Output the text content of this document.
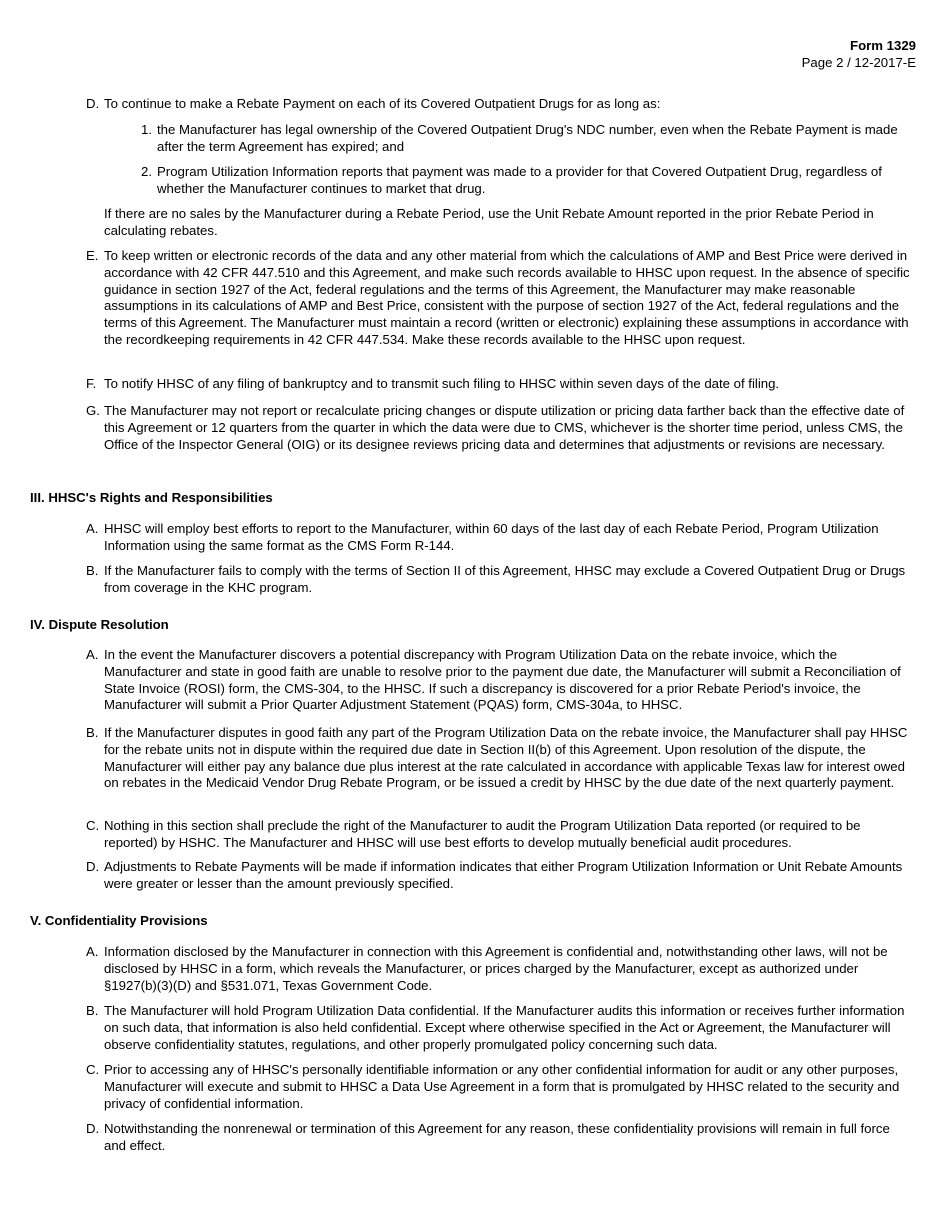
Form 1329
Page 2 / 12-2017-E
D. To continue to make a Rebate Payment on each of its Covered Outpatient Drugs for as long as:
1. the Manufacturer has legal ownership of the Covered Outpatient Drug's NDC number, even when the Rebate Payment is made after the term Agreement has expired; and
2. Program Utilization Information reports that payment was made to a provider for that Covered Outpatient Drug, regardless of whether the Manufacturer continues to market that drug.
If there are no sales by the Manufacturer during a Rebate Period, use the Unit Rebate Amount reported in the prior Rebate Period in calculating rebates.
E. To keep written or electronic records of the data and any other material from which the calculations of AMP and Best Price were derived in accordance with 42 CFR 447.510 and this Agreement, and make such records available to HHSC upon request. In the absence of specific guidance in section 1927 of the Act, federal regulations and the terms of this Agreement, the Manufacturer may make reasonable assumptions in its calculations of AMP and Best Price, consistent with the purpose of section 1927 of the Act, federal regulations and the terms of this Agreement. The Manufacturer must maintain a record (written or electronic) explaining these assumptions in accordance with the recordkeeping requirements in 42 CFR 447.534. Make these records available to the HHSC upon request.
F. To notify HHSC of any filing of bankruptcy and to transmit such filing to HHSC within seven days of the date of filing.
G. The Manufacturer may not report or recalculate pricing changes or dispute utilization or pricing data farther back than the effective date of this Agreement or 12 quarters from the quarter in which the data were due to CMS, whichever is the shorter time period, unless CMS, the Office of the Inspector General (OIG) or its designee reviews pricing data and determines that adjustments or revisions are necessary.
III. HHSC's Rights and Responsibilities
A. HHSC will employ best efforts to report to the Manufacturer, within 60 days of the last day of each Rebate Period, Program Utilization Information using the same format as the CMS Form R-144.
B. If the Manufacturer fails to comply with the terms of Section II of this Agreement, HHSC may exclude a Covered Outpatient Drug or Drugs from coverage in the KHC program.
IV. Dispute Resolution
A. In the event the Manufacturer discovers a potential discrepancy with Program Utilization Data on the rebate invoice, which the Manufacturer and state in good faith are unable to resolve prior to the payment due date, the Manufacturer will submit a Reconciliation of State Invoice (ROSI) form, the CMS-304, to the HHSC. If such a discrepancy is discovered for a prior Rebate Period's invoice, the Manufacturer will submit a Prior Quarter Adjustment Statement (PQAS) form, CMS-304a, to HHSC.
B. If the Manufacturer disputes in good faith any part of the Program Utilization Data on the rebate invoice, the Manufacturer shall pay HHSC for the rebate units not in dispute within the required due date in Section II(b) of this Agreement. Upon resolution of the dispute, the Manufacturer will either pay any balance due plus interest at the rate calculated in accordance with applicable Texas law for interest owed on rebates in the Medicaid Vendor Drug Rebate Program, or be issued a credit by HHSC by the due date of the next quarterly payment.
C. Nothing in this section shall preclude the right of the Manufacturer to audit the Program Utilization Data reported (or required to be reported) by HSHC. The Manufacturer and HHSC will use best efforts to develop mutually beneficial audit procedures.
D. Adjustments to Rebate Payments will be made if information indicates that either Program Utilization Information or Unit Rebate Amounts were greater or lesser than the amount previously specified.
V. Confidentiality Provisions
A. Information disclosed by the Manufacturer in connection with this Agreement is confidential and, notwithstanding other laws, will not be disclosed by HHSC in a form, which reveals the Manufacturer, or prices charged by the Manufacturer, except as authorized under §1927(b)(3)(D) and §531.071, Texas Government Code.
B. The Manufacturer will hold Program Utilization Data confidential. If the Manufacturer audits this information or receives further information on such data, that information is also held confidential. Except where otherwise specified in the Act or Agreement, the Manufacturer will observe confidentiality statutes, regulations, and other properly promulgated policy concerning such data.
C. Prior to accessing any of HHSC's personally identifiable information or any other confidential information for audit or any other purposes, Manufacturer will execute and submit to HHSC a Data Use Agreement in a form that is promulgated by HHSC related to the security and privacy of confidential information.
D. Notwithstanding the nonrenewal or termination of this Agreement for any reason, these confidentiality provisions will remain in full force and effect.
